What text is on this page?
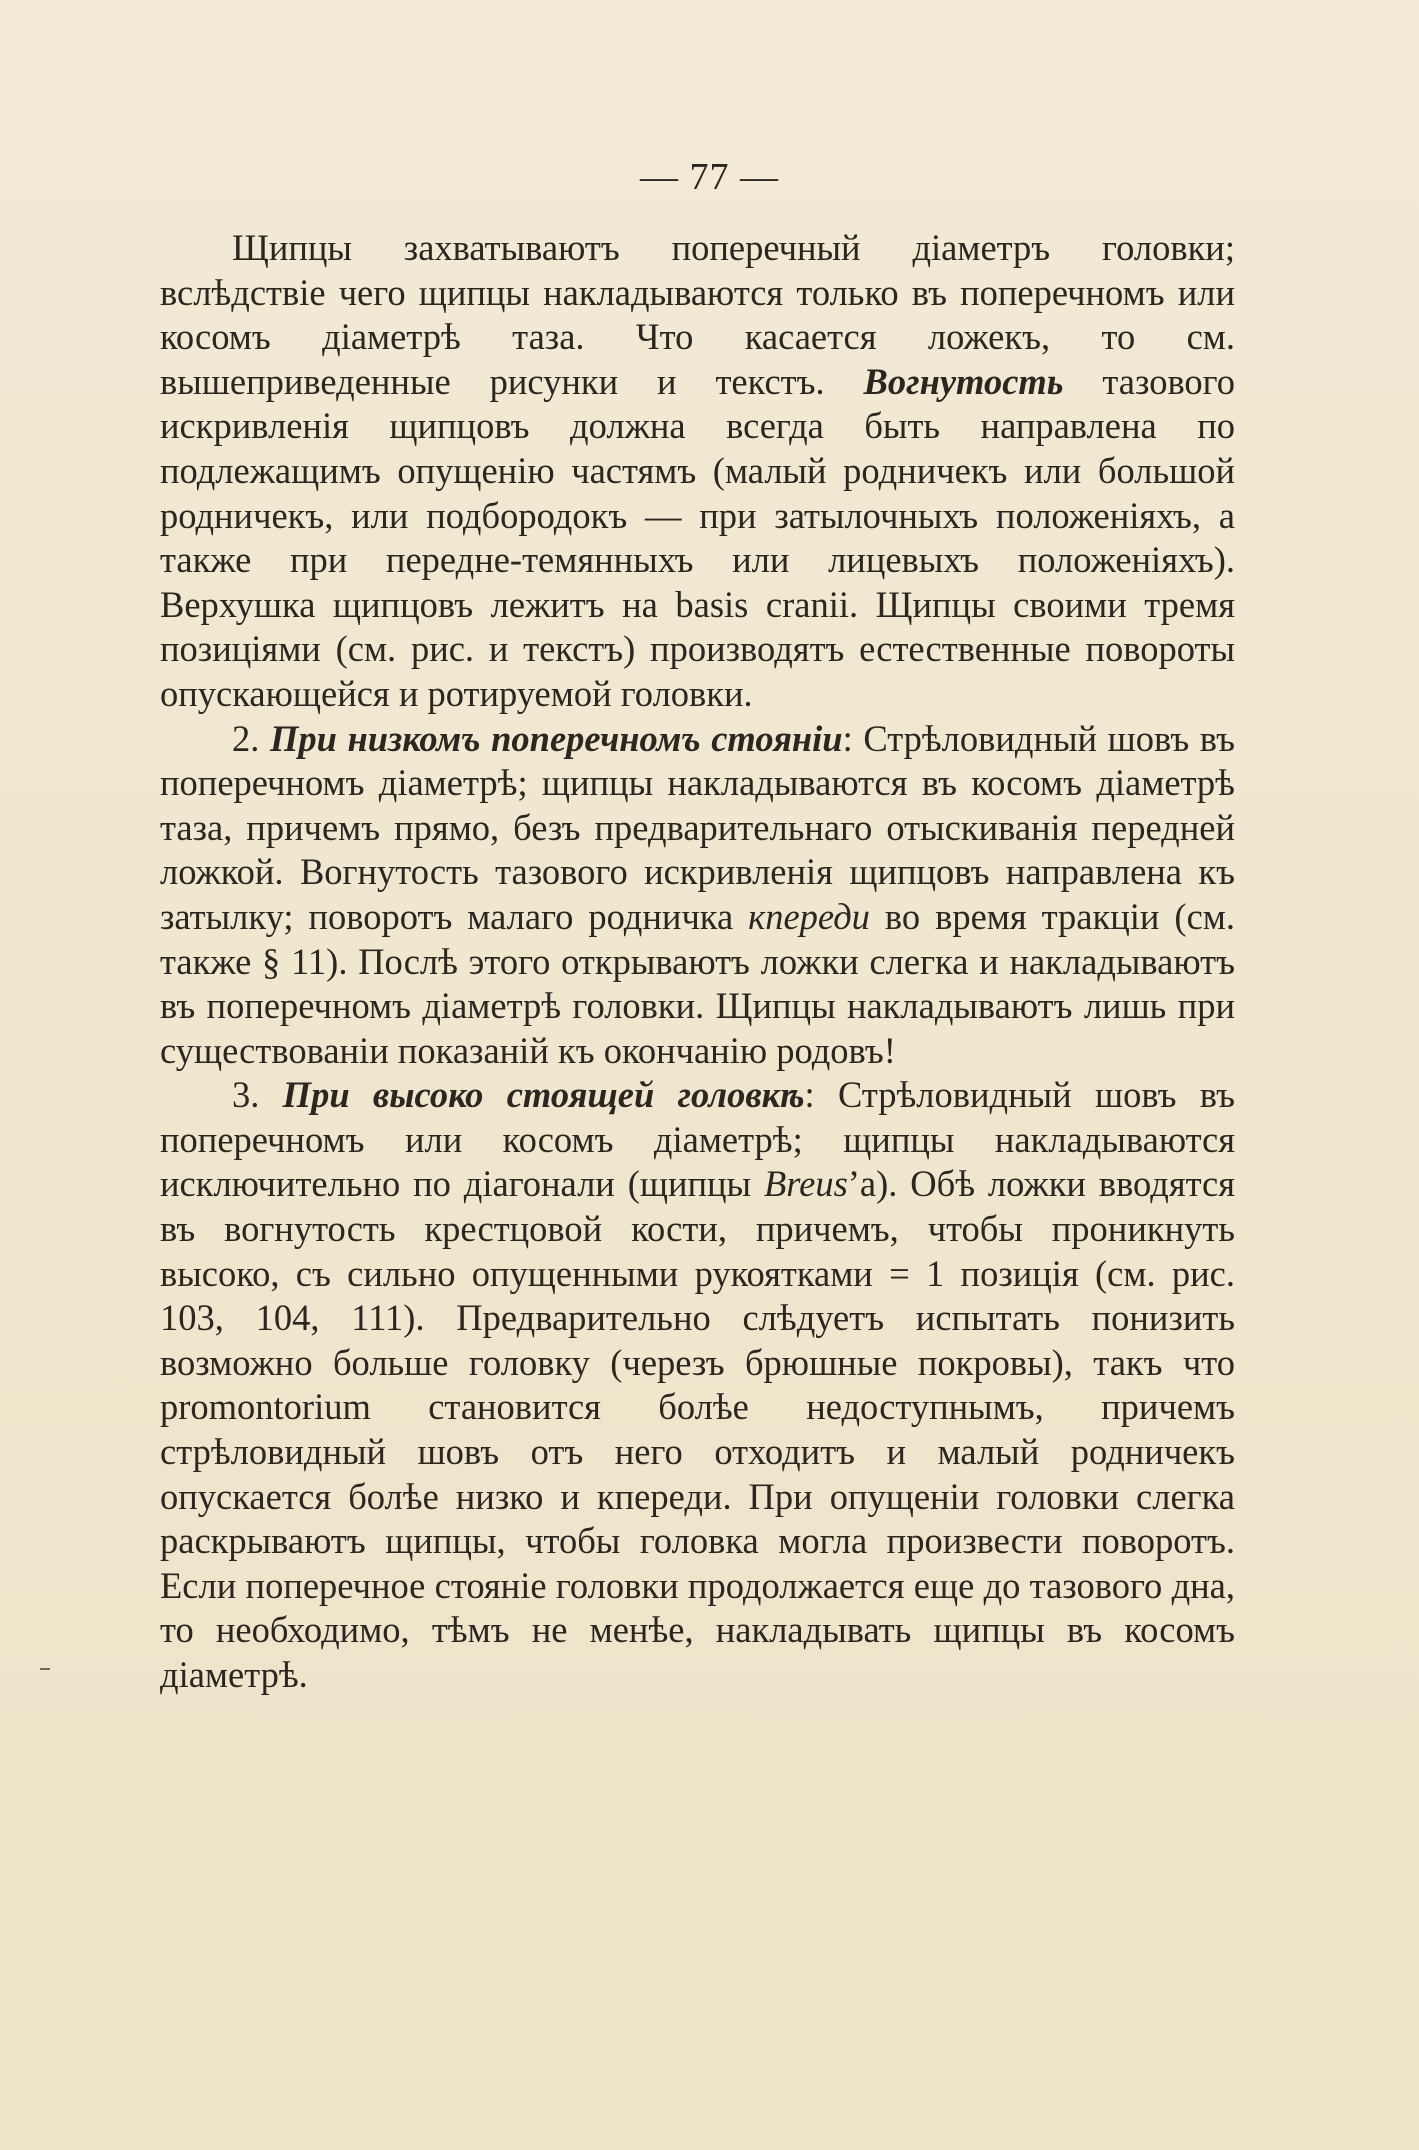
— 77 —

Щипцы захватываютъ поперечный діаметръ головки; вслѣдствіе чего щипцы накладываются только въ поперечномъ или косомъ діаметрѣ таза. Что касается ложекъ, то см. вышеприведенные рисунки и текстъ. Вогнутость тазового искривленія щипцовъ должна всегда быть направлена по подлежащимъ опущенію частямъ (малый родничекъ или большой родничекъ, или подбородокъ — при затылочныхъ положеніяхъ, а также при передне-темянныхъ или лицевыхъ положеніяхъ). Верхушка щипцовъ лежитъ на basis cranii. Щипцы своими тремя позиціями (см. рис. и текстъ) производятъ естественные повороты опускающейся и ротируемой головки.

2. При низкомъ поперечномъ стояніи: Стрѣловидный шовъ въ поперечномъ діаметрѣ; щипцы накладываются въ косомъ діаметрѣ таза, причемъ прямо, безъ предварительнаго отыскиванія передней ложкой. Вогнутость тазового искривленія щипцовъ направлена къ затылку; поворотъ малаго родничка кпереди во время тракціи (см. также § 11). Послѣ этого открываютъ ложки слегка и накладываютъ въ поперечномъ діаметрѣ головки. Щипцы накладываютъ лишь при существованіи показаній къ окончанію родовъ!

3. При высоко стоящей головкѣ: Стрѣловидный шовъ въ поперечномъ или косомъ діаметрѣ; щипцы накладываются исключительно по діагонали (щипцы Breus’a). Обѣ ложки вводятся въ вогнутость крестцовой кости, причемъ, чтобы проникнуть высоко, съ сильно опущенными рукоятками = 1 позиція (см. рис. 103, 104, 111). Предварительно слѣдуетъ испытать понизить возможно больше головку (черезъ брюшные покровы), такъ что promontorium становится болѣе недоступнымъ, причемъ стрѣловидный шовъ отъ него отходитъ и малый родничекъ опускается болѣе низко и кпереди. При опущеніи головки слегка раскрываютъ щипцы, чтобы головка могла произвести поворотъ. Если поперечное стояніе головки продолжается еще до тазового дна, то необходимо, тѣмъ не менѣе, накладывать щипцы въ косомъ діаметрѣ.
